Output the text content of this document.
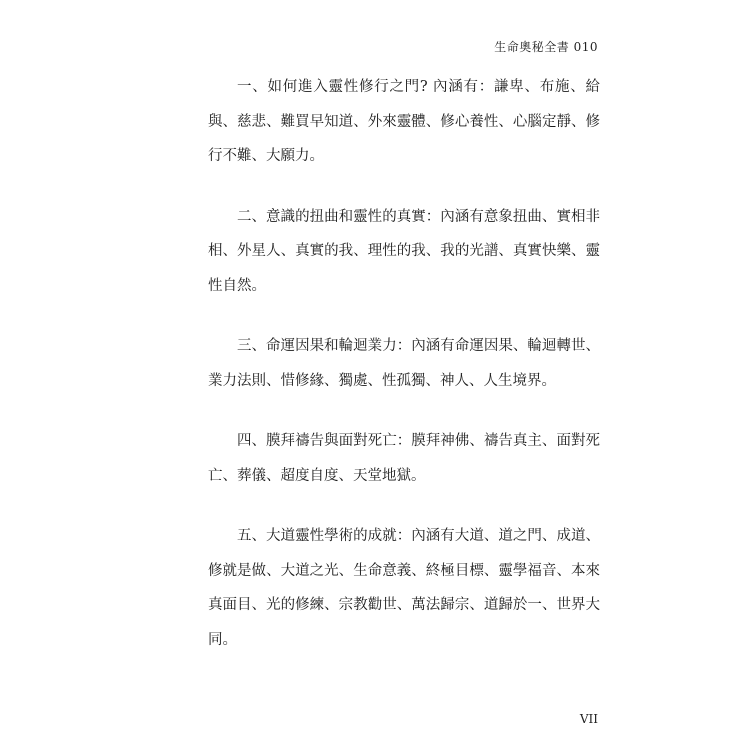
生命奧秘全書 010

一、如何進入靈性修行之門? 內涵有：謙卑、布施、給與、慈悲、難買早知道、外來靈體、修心養性、心腦定靜、修行不難、大願力。

二、意識的扭曲和靈性的真實：內涵有意象扭曲、實相非相、外星人、真實的我、理性的我、我的光譜、真實快樂、靈性自然。

三、命運因果和輪迴業力：內涵有命運因果、輪迴轉世、業力法則、惜修緣、獨處、性孤獨、神人、人生境界。

四、膜拜禱告與面對死亡：膜拜神佛、禱告真主、面對死亡、葬儀、超度自度、天堂地獄。

五、大道靈性學術的成就：內涵有大道、道之門、成道、修就是做、大道之光、生命意義、終極目標、靈學福音、本來真面目、光的修練、宗教勸世、萬法歸宗、道歸於一、世界大同。

VII
